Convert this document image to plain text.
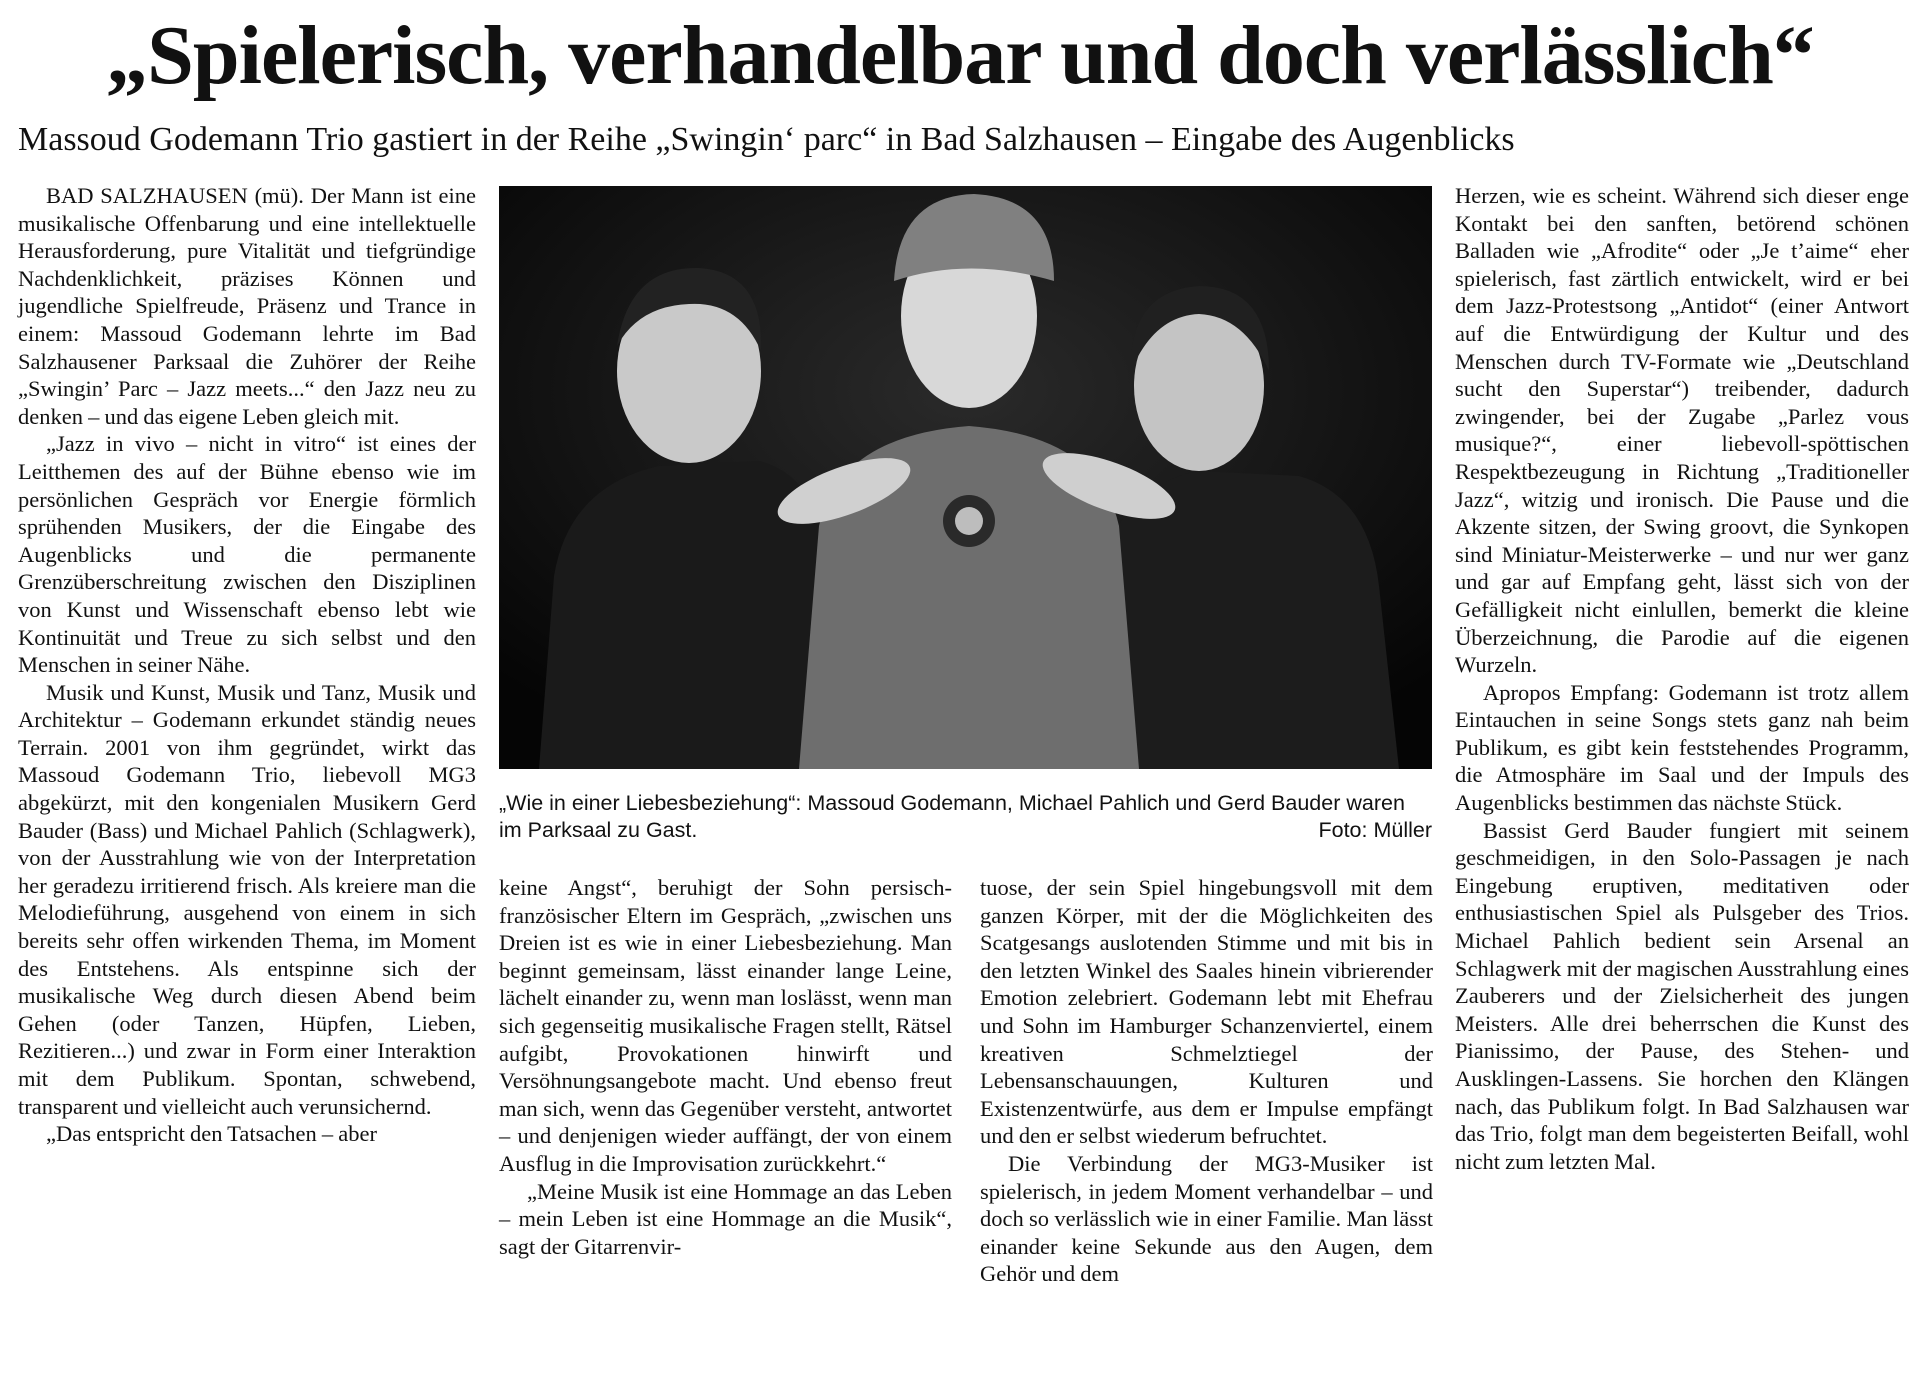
„Spielerisch, verhandelbar und doch verlässlich“
Massoud Godemann Trio gastiert in der Reihe „Swingin‘ parc“ in Bad Salzhausen – Eingabe des Augenblicks

BAD SALZHAUSEN (mü). Der Mann ist eine musikalische Offenbarung und eine intellektuelle Herausforderung, pure Vitalität und tiefgründige Nachdenklichkeit, präzises Können und jugendliche Spielfreude, Präsenz und Trance in einem: Massoud Godemann lehrte im Bad Salzhausener Parksaal die Zuhörer der Reihe „Swingin’ Parc – Jazz meets...“ den Jazz neu zu denken – und das eigene Leben gleich mit.

„Jazz in vivo – nicht in vitro“ ist eines der Leitthemen des auf der Bühne ebenso wie im persönlichen Gespräch vor Energie förmlich sprühenden Musikers, der die Eingabe des Augenblicks und die permanente Grenzüberschreitung zwischen den Disziplinen von Kunst und Wissenschaft ebenso lebt wie Kontinuität und Treue zu sich selbst und den Menschen in seiner Nähe.

Musik und Kunst, Musik und Tanz, Musik und Architektur – Godemann erkundet ständig neues Terrain. 2001 von ihm gegründet, wirkt das Massoud Godemann Trio, liebevoll MG3 abgekürzt, mit den kongenialen Musikern Gerd Bauder (Bass) und Michael Pahlich (Schlagwerk), von der Ausstrahlung wie von der Interpretation her geradezu irritierend frisch. Als kreiere man die Melodieführung, ausgehend von einem in sich bereits sehr offen wirkenden Thema, im Moment des Entstehens. Als entspinne sich der musikalische Weg durch diesen Abend beim Gehen (oder Tanzen, Hüpfen, Lieben, Rezitieren...) und zwar in Form einer Interaktion mit dem Publikum. Spontan, schwebend, transparent und vielleicht auch verunsichernd.

„Das entspricht den Tatsachen – aber

„Wie in einer Liebesbeziehung“: Massoud Godemann, Michael Pahlich und Gerd Bauder waren im Parksaal zu Gast.	Foto: Müller

keine Angst“, beruhigt der Sohn persisch-französischer Eltern im Gespräch, „zwischen uns Dreien ist es wie in einer Liebesbeziehung. Man beginnt gemeinsam, lässt einander lange Leine, lächelt einander zu, wenn man loslässt, wenn man sich gegenseitig musikalische Fragen stellt, Rätsel aufgibt, Provokationen hinwirft und Versöhnungsangebote macht. Und ebenso freut man sich, wenn das Gegenüber versteht, antwortet – und denjenigen wieder auffängt, der von einem Ausflug in die Improvisation zurückkehrt.“

„Meine Musik ist eine Hommage an das Leben – mein Leben ist eine Hommage an die Musik“, sagt der Gitarrenvir-

tuose, der sein Spiel hingebungsvoll mit dem ganzen Körper, mit der die Möglichkeiten des Scatgesangs auslotenden Stimme und mit bis in den letzten Winkel des Saales hinein vibrierender Emotion zelebriert. Godemann lebt mit Ehefrau und Sohn im Hamburger Schanzenviertel, einem kreativen Schmelztiegel der Lebensanschauungen, Kulturen und Existenzentwürfe, aus dem er Impulse empfängt und den er selbst wiederum befruchtet.

Die Verbindung der MG3-Musiker ist spielerisch, in jedem Moment verhandelbar – und doch so verlässlich wie in einer Familie. Man lässt einander keine Sekunde aus den Augen, dem Gehör und dem

Herzen, wie es scheint. Während sich dieser enge Kontakt bei den sanften, betörend schönen Balladen wie „Afrodite“ oder „Je t’aime“ eher spielerisch, fast zärtlich entwickelt, wird er bei dem Jazz-Protestsong „Antidot“ (einer Antwort auf die Entwürdigung der Kultur und des Menschen durch TV-Formate wie „Deutschland sucht den Superstar“) treibender, dadurch zwingender, bei der Zugabe „Parlez vous musique?“, einer liebevoll-spöttischen Respektbezeugung in Richtung „Traditioneller Jazz“, witzig und ironisch. Die Pause und die Akzente sitzen, der Swing groovt, die Synkopen sind Miniatur-Meisterwerke – und nur wer ganz und gar auf Empfang geht, lässt sich von der Gefälligkeit nicht einlullen, bemerkt die kleine Überzeichnung, die Parodie auf die eigenen Wurzeln.

Apropos Empfang: Godemann ist trotz allem Eintauchen in seine Songs stets ganz nah beim Publikum, es gibt kein feststehendes Programm, die Atmosphäre im Saal und der Impuls des Augenblicks bestimmen das nächste Stück.

Bassist Gerd Bauder fungiert mit seinem geschmeidigen, in den Solo-Passagen je nach Eingebung eruptiven, meditativen oder enthusiastischen Spiel als Pulsgeber des Trios. Michael Pahlich bedient sein Arsenal an Schlagwerk mit der magischen Ausstrahlung eines Zauberers und der Zielsicherheit des jungen Meisters. Alle drei beherrschen die Kunst des Pianissimo, der Pause, des Stehen- und Ausklingen-Lassens. Sie horchen den Klängen nach, das Publikum folgt. In Bad Salzhausen war das Trio, folgt man dem begeisterten Beifall, wohl nicht zum letzten Mal.
